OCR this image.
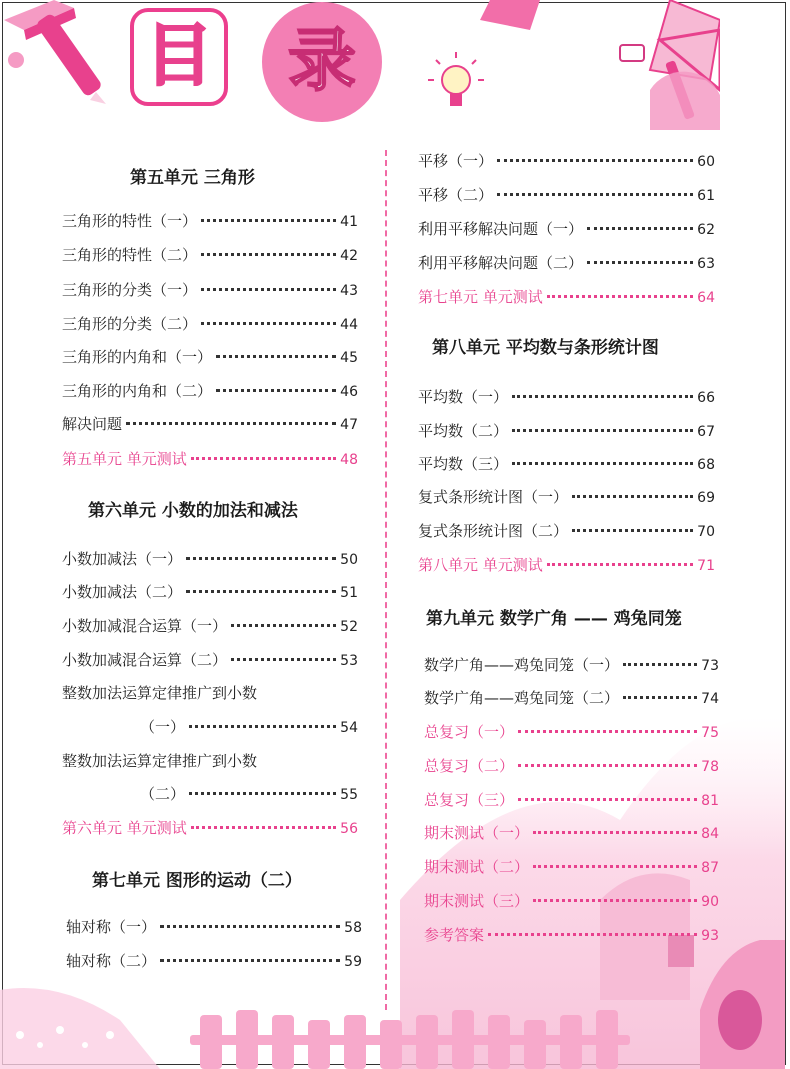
目 录
第五单元 三角形
三角形的特性（一）	41
三角形的特性（二）	42
三角形的分类（一）	43
三角形的分类（二）	44
三角形的内角和（一）	45
三角形的内角和（二）	46
解决问题	47
第五单元 单元测试	48
第六单元 小数的加法和减法
小数加减法（一）	50
小数加减法（二）	51
小数加减混合运算（一）	52
小数加减混合运算（二）	53
整数加法运算定律推广到小数
（一）	54
整数加法运算定律推广到小数
（二）	55
第六单元 单元测试	56
第七单元 图形的运动（二）
轴对称（一）	58
轴对称（二）	59
平移（一）	60
平移（二）	61
利用平移解决问题（一）	62
利用平移解决问题（二）	63
第七单元 单元测试	64
第八单元 平均数与条形统计图
平均数（一）	66
平均数（二）	67
平均数（三）	68
复式条形统计图（一）	69
复式条形统计图（二）	70
第八单元 单元测试	71
第九单元 数学广角 —— 鸡兔同笼
数学广角——鸡兔同笼（一）	73
数学广角——鸡兔同笼（二）	74
总复习（一）	75
总复习（二）	78
总复习（三）	81
期末测试（一）	84
期末测试（二）	87
期末测试（三）	90
参考答案	93
